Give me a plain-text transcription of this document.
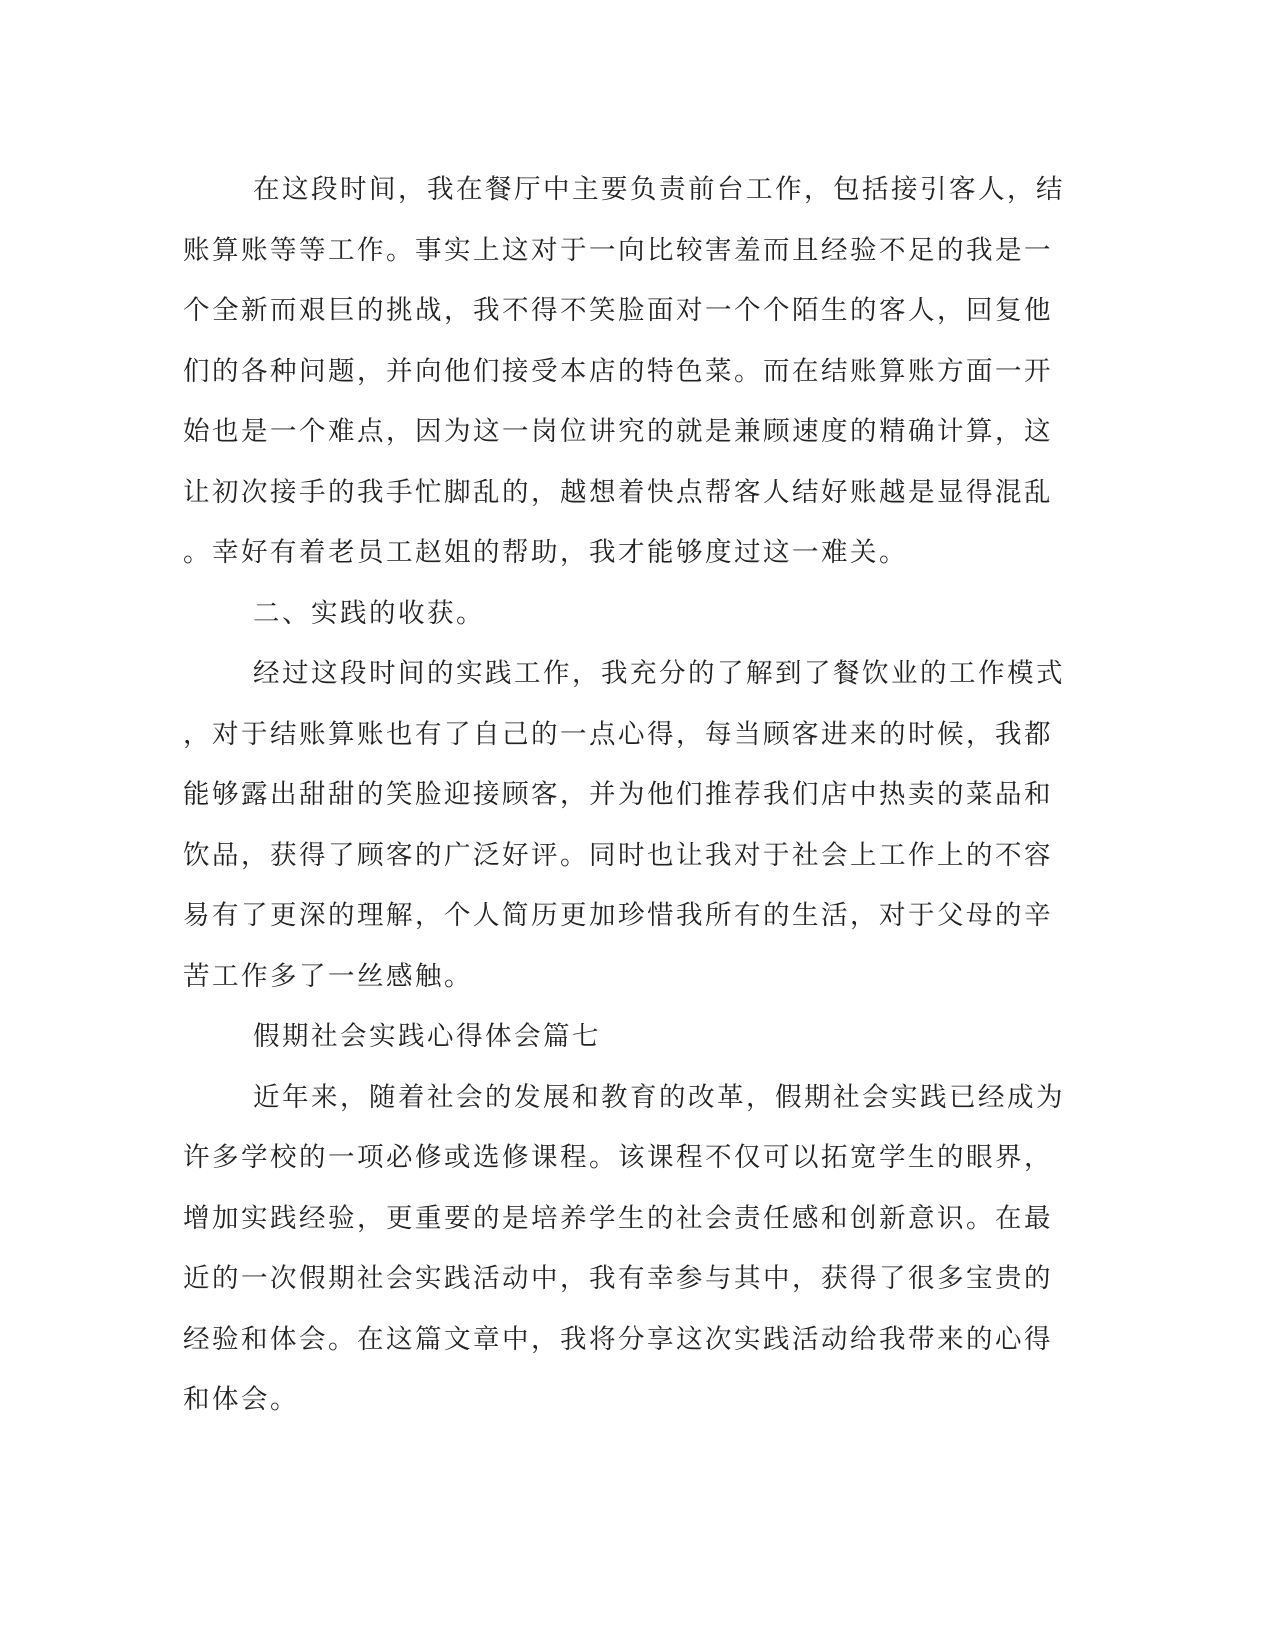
在这段时间，我在餐厅中主要负责前台工作，包括接引客人，结
账算账等等工作。事实上这对于一向比较害羞而且经验不足的我是一
个全新而艰巨的挑战，我不得不笑脸面对一个个陌生的客人，回复他
们的各种问题，并向他们接受本店的特色菜。而在结账算账方面一开
始也是一个难点，因为这一岗位讲究的就是兼顾速度的精确计算，这
让初次接手的我手忙脚乱的，越想着快点帮客人结好账越是显得混乱
。幸好有着老员工赵姐的帮助，我才能够度过这一难关。
二、实践的收获。
经过这段时间的实践工作，我充分的了解到了餐饮业的工作模式
，对于结账算账也有了自己的一点心得，每当顾客进来的时候，我都
能够露出甜甜的笑脸迎接顾客，并为他们推荐我们店中热卖的菜品和
饮品，获得了顾客的广泛好评。同时也让我对于社会上工作上的不容
易有了更深的理解，个人简历更加珍惜我所有的生活，对于父母的辛
苦工作多了一丝感触。
假期社会实践心得体会篇七
近年来，随着社会的发展和教育的改革，假期社会实践已经成为
许多学校的一项必修或选修课程。该课程不仅可以拓宽学生的眼界，
增加实践经验，更重要的是培养学生的社会责任感和创新意识。在最
近的一次假期社会实践活动中，我有幸参与其中，获得了很多宝贵的
经验和体会。在这篇文章中，我将分享这次实践活动给我带来的心得
和体会。
